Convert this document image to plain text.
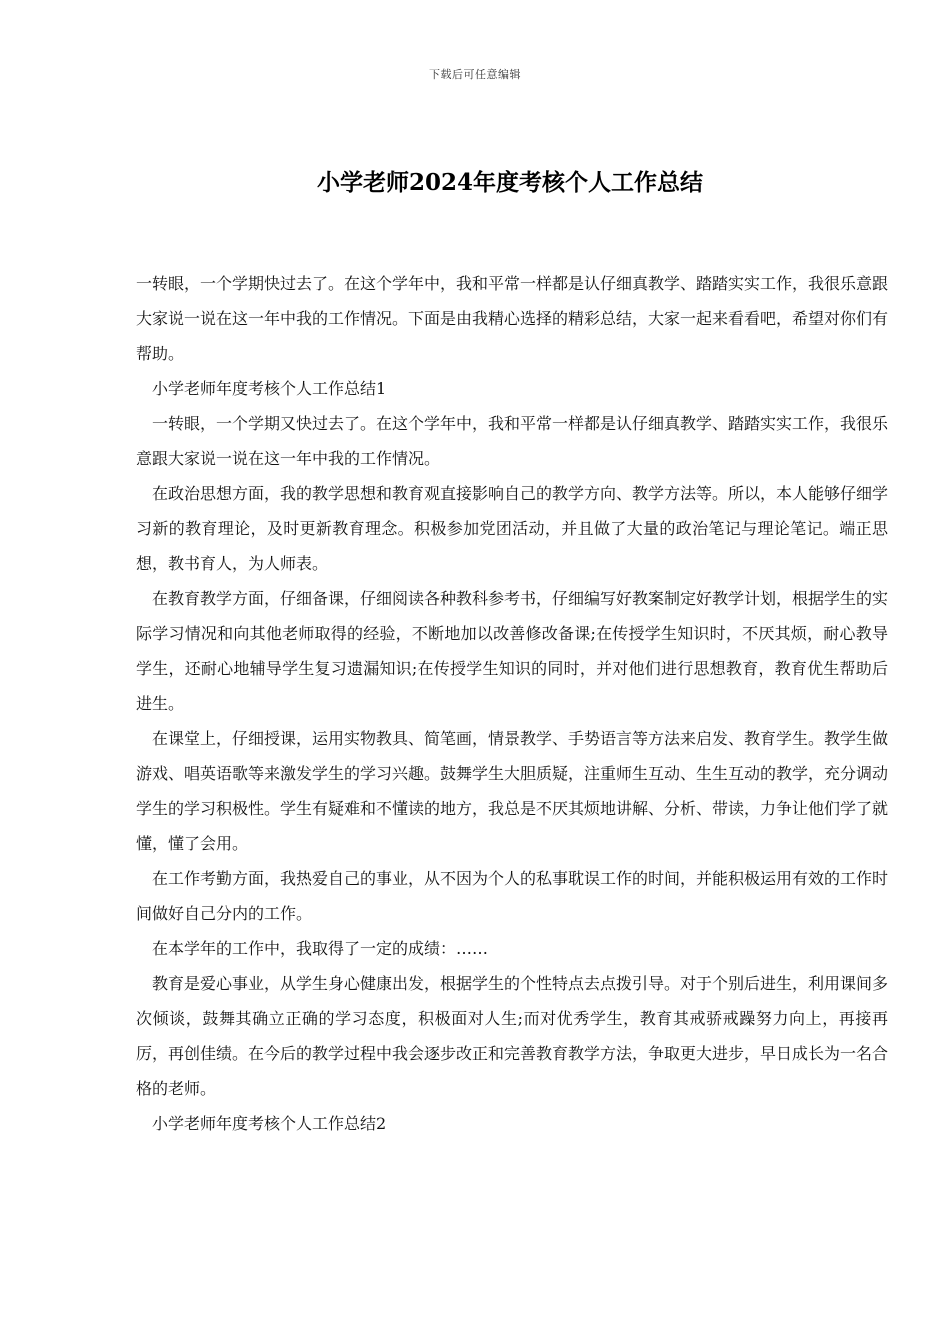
下载后可任意编辑
小学老师2024年度考核个人工作总结

一转眼，一个学期快过去了。在这个学年中，我和平常一样都是认仔细真教学、踏踏实实工作，我很乐意跟大家说一说在这一年中我的工作情况。下面是由我精心选择的精彩总结，大家一起来看看吧，希望对你们有帮助。

小学老师年度考核个人工作总结1

一转眼，一个学期又快过去了。在这个学年中，我和平常一样都是认仔细真教学、踏踏实实工作，我很乐意跟大家说一说在这一年中我的工作情况。

在政治思想方面，我的教学思想和教育观直接影响自己的教学方向、教学方法等。所以，本人能够仔细学习新的教育理论，及时更新教育理念。积极参加党团活动，并且做了大量的政治笔记与理论笔记。端正思想，教书育人，为人师表。

在教育教学方面，仔细备课，仔细阅读各种教科参考书，仔细编写好教案制定好教学计划，根据学生的实际学习情况和向其他老师取得的经验，不断地加以改善修改备课;在传授学生知识时，不厌其烦，耐心教导学生，还耐心地辅导学生复习遗漏知识;在传授学生知识的同时，并对他们进行思想教育，教育优生帮助后进生。

在课堂上，仔细授课，运用实物教具、简笔画，情景教学、手势语言等方法来启发、教育学生。教学生做游戏、唱英语歌等来激发学生的学习兴趣。鼓舞学生大胆质疑，注重师生互动、生生互动的教学，充分调动学生的学习积极性。学生有疑难和不懂读的地方，我总是不厌其烦地讲解、分析、带读，力争让他们学了就懂，懂了会用。

在工作考勤方面，我热爱自己的事业，从不因为个人的私事耽误工作的时间，并能积极运用有效的工作时间做好自己分内的工作。

在本学年的工作中，我取得了一定的成绩：……

教育是爱心事业，从学生身心健康出发，根据学生的个性特点去点拨引导。对于个别后进生，利用课间多次倾谈，鼓舞其确立正确的学习态度，积极面对人生;而对优秀学生，教育其戒骄戒躁努力向上，再接再厉，再创佳绩。在今后的教学过程中我会逐步改正和完善教育教学方法，争取更大进步，早日成长为一名合格的老师。

小学老师年度考核个人工作总结2
